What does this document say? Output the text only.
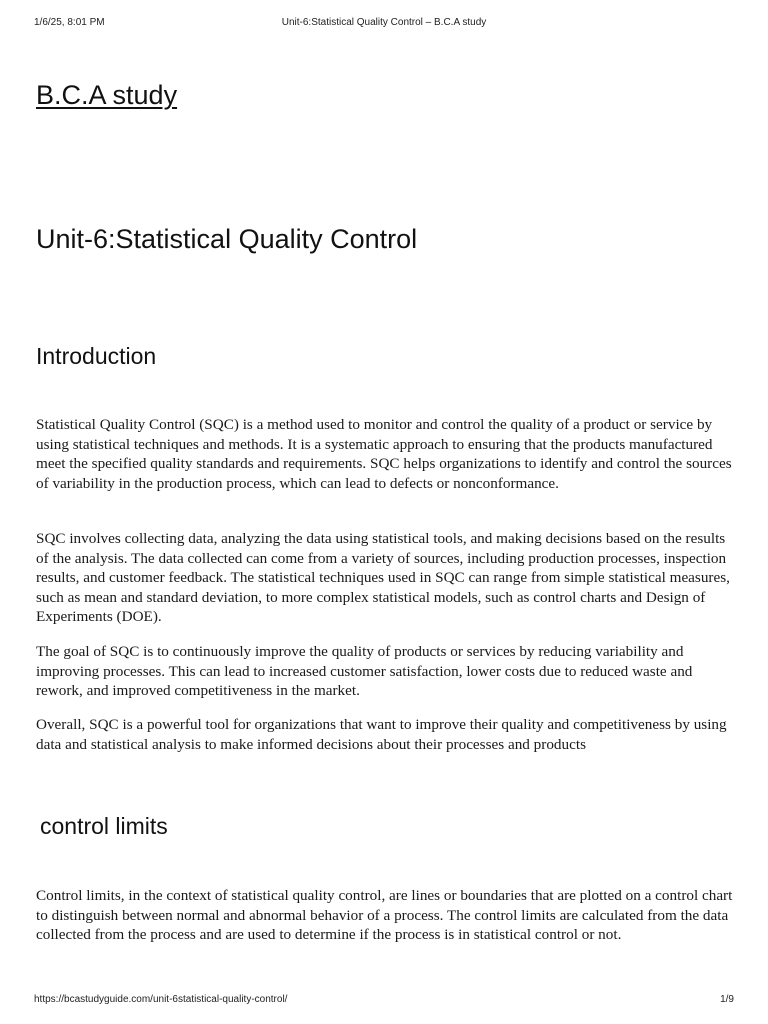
1/6/25, 8:01 PM	Unit-6:Statistical Quality Control – B.C.A study
B.C.A study
Unit-6:Statistical Quality Control
Introduction

Statistical Quality Control (SQC) is a method used to monitor and control the quality of a product or service by using statistical techniques and methods. It is a systematic approach to ensuring that the products manufactured meet the specified quality standards and requirements. SQC helps organizations to identify and control the sources of variability in the production process, which can lead to defects or nonconformance.

SQC involves collecting data, analyzing the data using statistical tools, and making decisions based on the results of the analysis. The data collected can come from a variety of sources, including production processes, inspection results, and customer feedback. The statistical techniques used in SQC can range from simple statistical measures, such as mean and standard deviation, to more complex statistical models, such as control charts and Design of Experiments (DOE).

The goal of SQC is to continuously improve the quality of products or services by reducing variability and improving processes. This can lead to increased customer satisfaction, lower costs due to reduced waste and rework, and improved competitiveness in the market.

Overall, SQC is a powerful tool for organizations that want to improve their quality and competitiveness by using data and statistical analysis to make informed decisions about their processes and products

control limits

Control limits, in the context of statistical quality control, are lines or boundaries that are plotted on a control chart to distinguish between normal and abnormal behavior of a process. The control limits are calculated from the data collected from the process and are used to determine if the process is in statistical control or not.

https://bcastudyguide.com/unit-6statistical-quality-control/	1/9
